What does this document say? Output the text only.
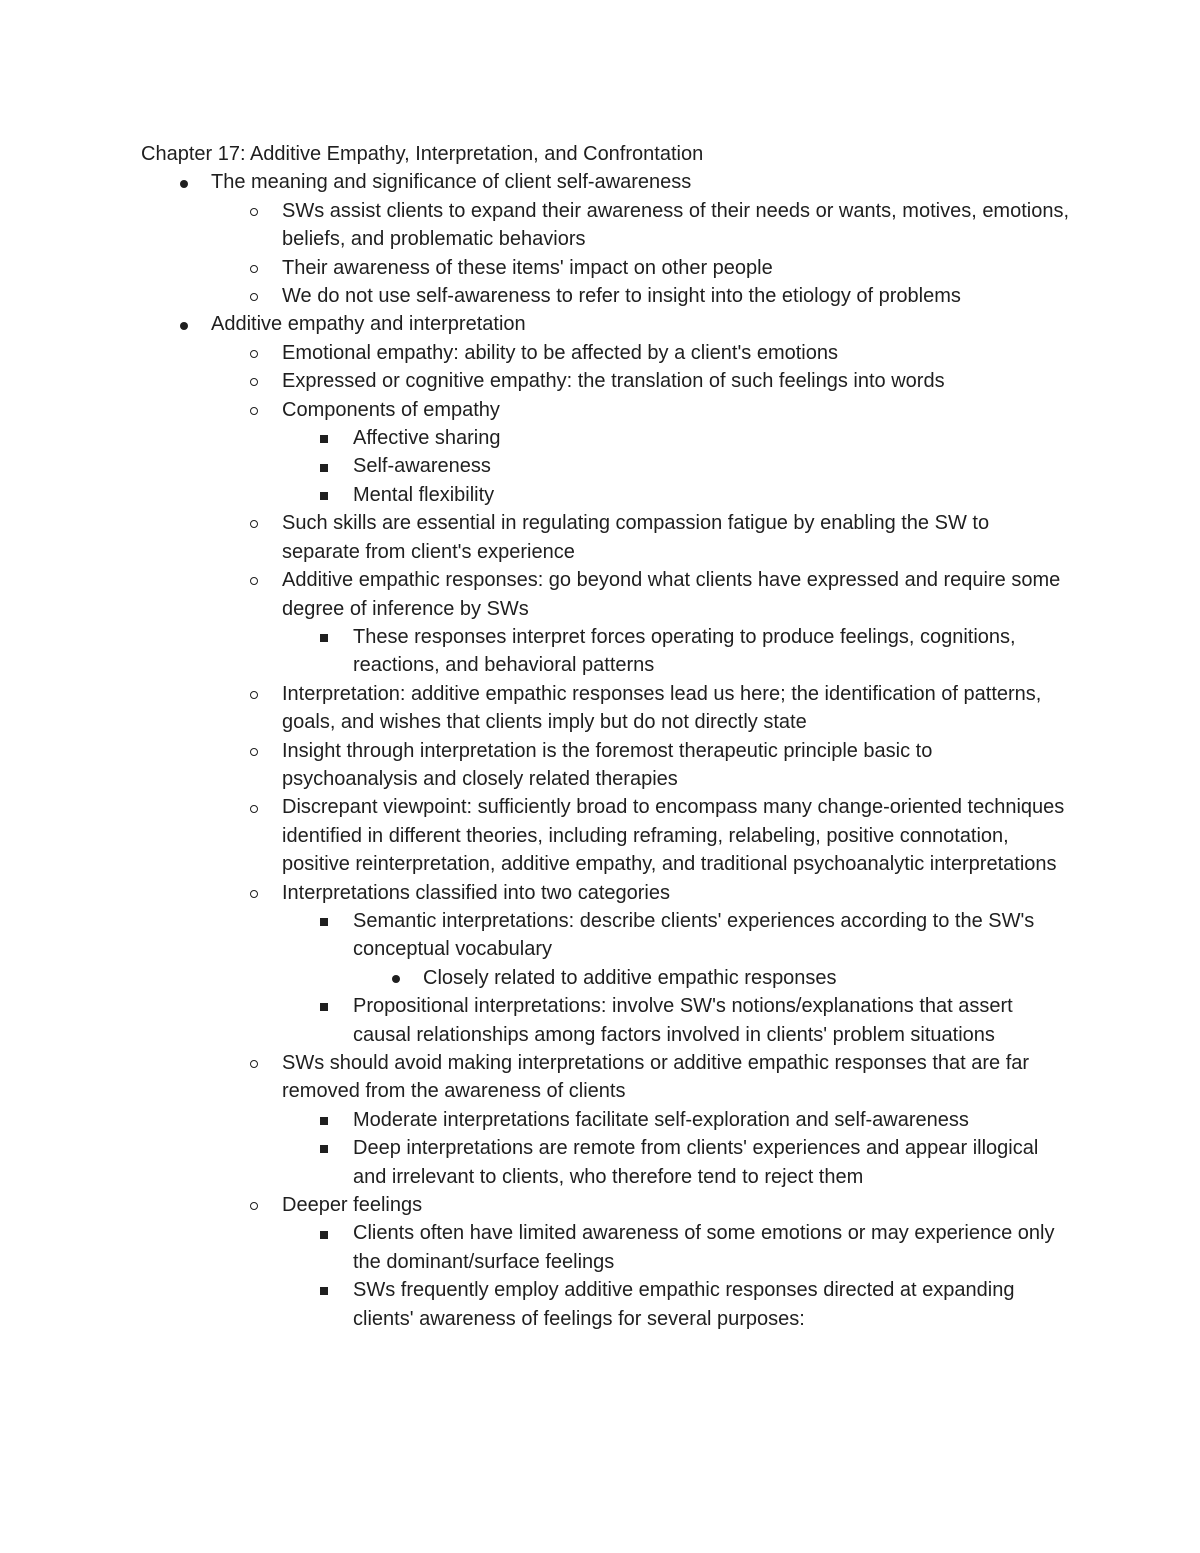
Chapter 17: Additive Empathy, Interpretation, and Confrontation

The meaning and significance of client self-awareness
SWs assist clients to expand their awareness of their needs or wants, motives, emotions, beliefs, and problematic behaviors
Their awareness of these items' impact on other people
We do not use self-awareness to refer to insight into the etiology of problems
Additive empathy and interpretation
Emotional empathy: ability to be affected by a client's emotions
Expressed or cognitive empathy: the translation of such feelings into words
Components of empathy
Affective sharing
Self-awareness
Mental flexibility
Such skills are essential in regulating compassion fatigue by enabling the SW to separate from client's experience
Additive empathic responses: go beyond what clients have expressed and require some degree of inference by SWs
These responses interpret forces operating to produce feelings, cognitions, reactions, and behavioral patterns
Interpretation: additive empathic responses lead us here; the identification of patterns, goals, and wishes that clients imply but do not directly state
Insight through interpretation is the foremost therapeutic principle basic to psychoanalysis and closely related therapies
Discrepant viewpoint: sufficiently broad to encompass many change-oriented techniques identified in different theories, including reframing, relabeling, positive connotation, positive reinterpretation, additive empathy, and traditional psychoanalytic interpretations
Interpretations classified into two categories
Semantic interpretations: describe clients' experiences according to the SW's conceptual vocabulary
Closely related to additive empathic responses
Propositional interpretations: involve SW's notions/explanations that assert causal relationships among factors involved in clients' problem situations
SWs should avoid making interpretations or additive empathic responses that are far removed from the awareness of clients
Moderate interpretations facilitate self-exploration and self-awareness
Deep interpretations are remote from clients' experiences and appear illogical and irrelevant to clients, who therefore tend to reject them
Deeper feelings
Clients often have limited awareness of some emotions or may experience only the dominant/surface feelings
SWs frequently employ additive empathic responses directed at expanding clients' awareness of feelings for several purposes:
